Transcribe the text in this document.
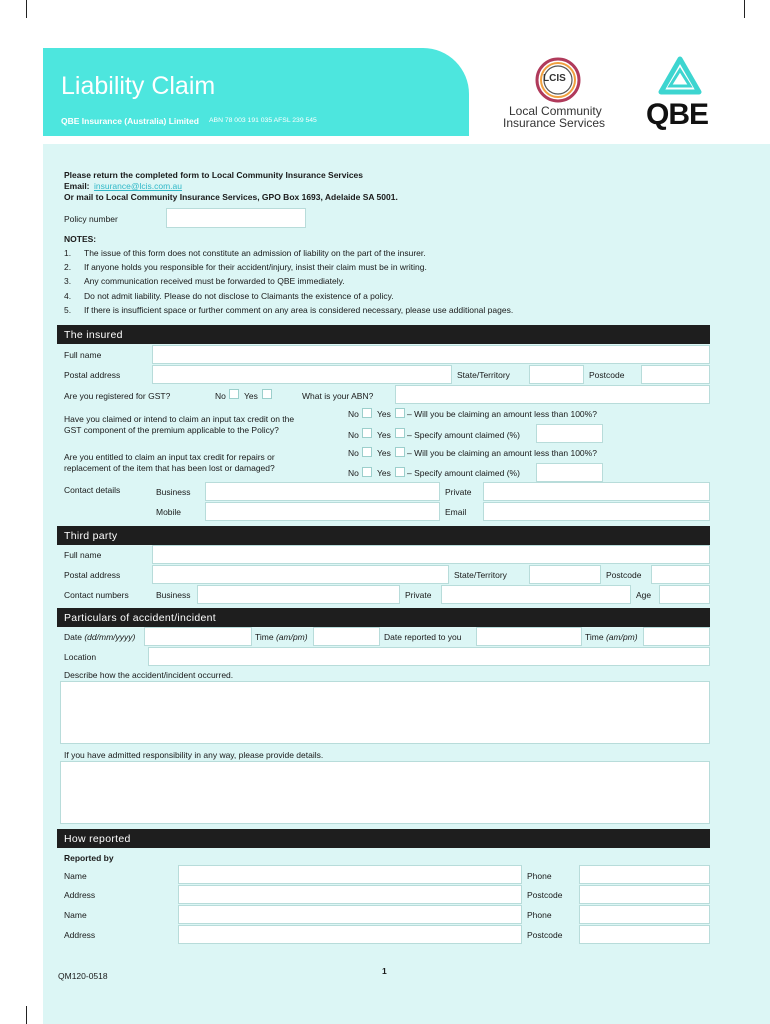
Liability Claim
QBE Insurance (Australia) Limited ABN 78 003 191 035 AFSL 239 545
LCIS
Local Community
Insurance Services QBE
Please return the completed form to Local Community Insurance Services
Email: insurance@lcis.com.au
Or mail to Local Community Insurance Services, GPO Box 1693, Adelaide SA 5001.
Policy number
NOTES:
1. The issue of this form does not constitute an admission of liability on the part of the insurer.
2. If anyone holds you responsible for their accident/injury, insist their claim must be in writing.
3. Any communication received must be forwarded to QBE immediately.
4. Do not admit liability. Please do not disclose to Claimants the existence of a policy.
5. If there is insufficient space or further comment on any area is considered necessary, please use additional pages.
The insured
Full name
Postal address	State/Territory	Postcode
Are you registered for GST?	No Yes	What is your ABN?
Have you claimed or intend to claim an input tax credit on the
GST component of the premium applicable to the Policy?
No Yes – Will you be claiming an amount less than 100%?
No Yes – Specify amount claimed (%)
Are you entitled to claim an input tax credit for repairs or
replacement of the item that has been lost or damaged?
No Yes – Will you be claiming an amount less than 100%?
No Yes – Specify amount claimed (%)
Contact details	Business	Private
Mobile	Email
Third party
Full name
Postal address	State/Territory	Postcode
Contact numbers	Business	Private	Age
Particulars of accident/incident
Date (dd/mm/yyyy)	Time (am/pm)	Date reported to you	Time (am/pm)
Location
Describe how the accident/incident occurred.
If you have admitted responsibility in any way, please provide details.
How reported
Reported by
Name	Phone
Address	Postcode
Name	Phone
Address	Postcode
QM120-0518	1
